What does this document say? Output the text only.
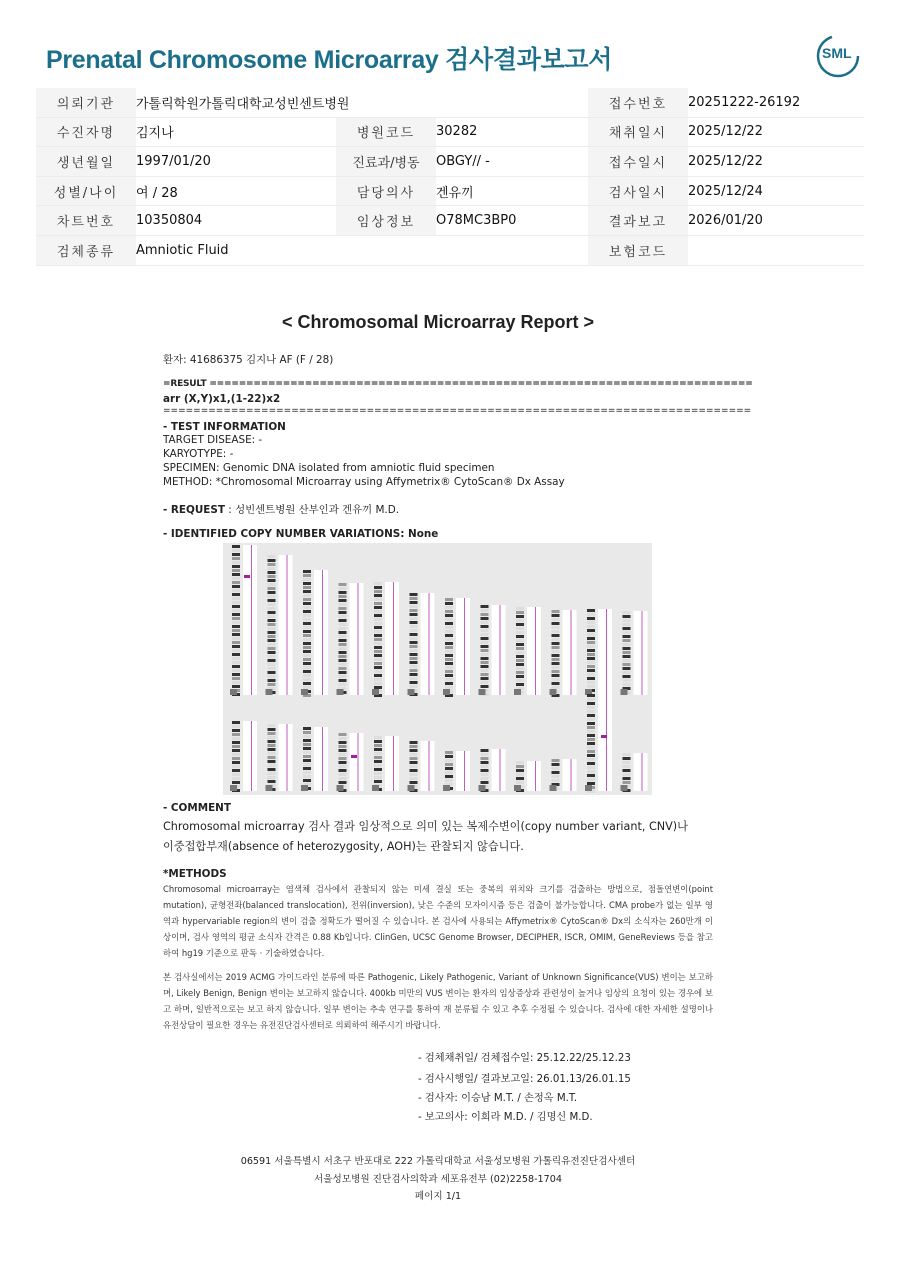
Prenatal Chromosome Microarray 검사결과보고서	SML
의뢰기관	가톨릭학원가톨릭대학교성빈센트병원			접수번호	20251222-26192
수진자명	김지나	병원코드	30282	채취일시	2025/12/22
생년월일	1997/01/20	진료과/병동	OBGY// -	접수일시	2025/12/22
성별/나이	여 / 28	담당의사	겐유끼	검사일시	2025/12/24
차트번호	10350804	임상정보	O78MC3BP0	결과보고	2026/01/20
검체종류	Amniotic Fluid			보험코드	
< Chromosomal Microarray Report >
환자: 41686375 김지나 AF (F / 28)
=RESULT ==========================================================================
arr (X,Y)x1,(1-22)x2
==============================================================================
- TEST INFORMATION
TARGET DISEASE: -
KARYOTYPE: -
SPECIMEN: Genomic DNA isolated from amniotic fluid specimen
METHOD: *Chromosomal Microarray using Affymetrix® CytoScan® Dx Assay
- REQUEST : 성빈센트병원 산부인과 겐유끼 M.D.
- IDENTIFIED COPY NUMBER VARIATIONS: None
- COMMENT
Chromosomal microarray 검사 결과 임상적으로 의미 있는 복제수변이(copy number variant, CNV)나
이중접합부재(absence of heterozygosity, AOH)는 관찰되지 않습니다.
*METHODS
Chromosomal microarray는 염색체 검사에서 관찰되지 않는 미세 결실 또는 중복의 위치와 크기를 검출하는 방법으로, 점돌연변이(point mutation), 균형전좌(balanced translocation), 전위(inversion), 낮은 수준의 모자이시즘 등은 검출이 불가능합니다. CMA probe가 없는 일부 영역과 hypervariable region의 변이 검출 정확도가 떨어질 수 있습니다. 본 검사에 사용되는 Affymetrix® CytoScan® Dx의 소식자는 260만개 이상이며, 검사 영역의 평균 소식자 간격은 0.88 Kb입니다. ClinGen, UCSC Genome Browser, DECIPHER, ISCR, OMIM, GeneReviews 등을 참고하여 hg19 기준으로 판독 · 기술하였습니다.
본 검사실에서는 2019 ACMG 가이드라인 분류에 따른 Pathogenic, Likely Pathogenic, Variant of Unknown Significance(VUS) 변이는 보고하며, Likely Benign, Benign 변이는 보고하지 않습니다. 400kb 미만의 VUS 변이는 환자의 임상증상과 관련성이 높거나 임상의 요청이 있는 경우에 보고 하며, 일반적으로는 보고 하지 않습니다. 일부 변이는 추속 연구를 통하여 재 분류될 수 있고 추후 수정될 수 있습니다. 검사에 대한 자세한 설명이나 유전상담이 필요한 경우는 유전진단검사센터로 의뢰하여 해주시기 바랍니다.
- 검체채취일/ 검체접수일: 25.12.22/25.12.23
- 검사시행일/ 결과보고일: 26.01.13/26.01.15
- 검사자: 이승남 M.T. / 손정옥 M.T.
- 보고의사: 이희라 M.D. / 김명신 M.D.
06591 서울특별시 서초구 반포대로 222 가톨릭대학교 서울성모병원 가톨릭유전진단검사센터
서울성모병원 진단검사의학과 세포유전부 (02)2258-1704
페이지 1/1
